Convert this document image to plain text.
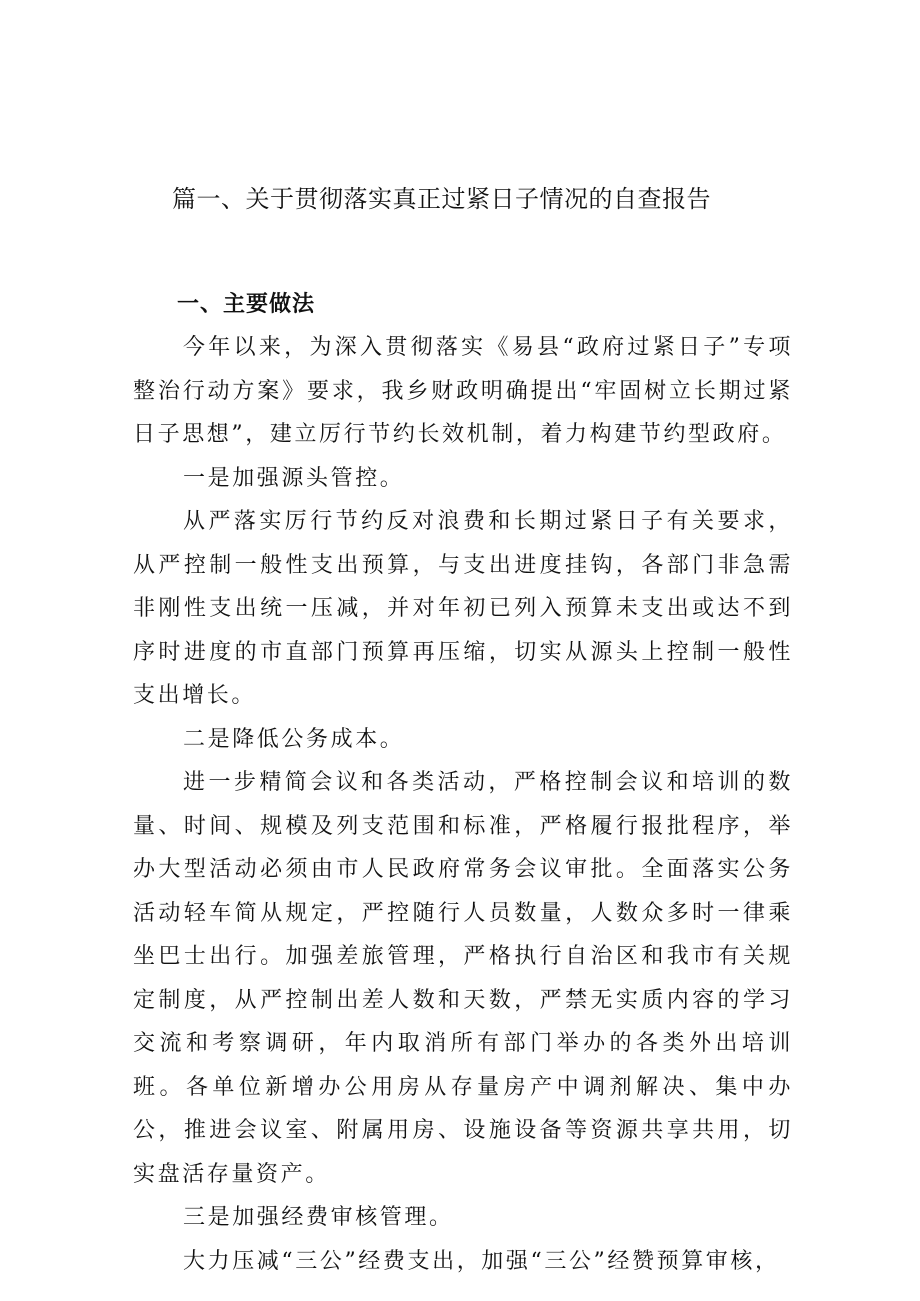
篇一、关于贯彻落实真正过紧日子情况的自查报告

一、主要做法

今年以来，为深入贯彻落实《易县“政府过紧日子”专项整治行动方案》要求，我乡财政明确提出“牢固树立长期过紧日子思想”，建立厉行节约长效机制，着力构建节约型政府。

一是加强源头管控。

从严落实厉行节约反对浪费和长期过紧日子有关要求，从严控制一般性支出预算，与支出进度挂钩，各部门非急需非刚性支出统一压减，并对年初已列入预算未支出或达不到序时进度的市直部门预算再压缩，切实从源头上控制一般性支出增长。

二是降低公务成本。

进一步精简会议和各类活动，严格控制会议和培训的数量、时间、规模及列支范围和标准，严格履行报批程序，举办大型活动必须由市人民政府常务会议审批。全面落实公务活动轻车简从规定，严控随行人员数量，人数众多时一律乘坐巴士出行。加强差旅管理，严格执行自治区和我市有关规定制度，从严控制出差人数和天数，严禁无实质内容的学习交流和考察调研，年内取消所有部门举办的各类外出培训班。各单位新增办公用房从存量房产中调剂解决、集中办公，推进会议室、附属用房、设施设备等资源共享共用，切实盘活存量资产。

三是加强经费审核管理。

大力压减“三公”经费支出，加强“三公”经赞预算审核，
